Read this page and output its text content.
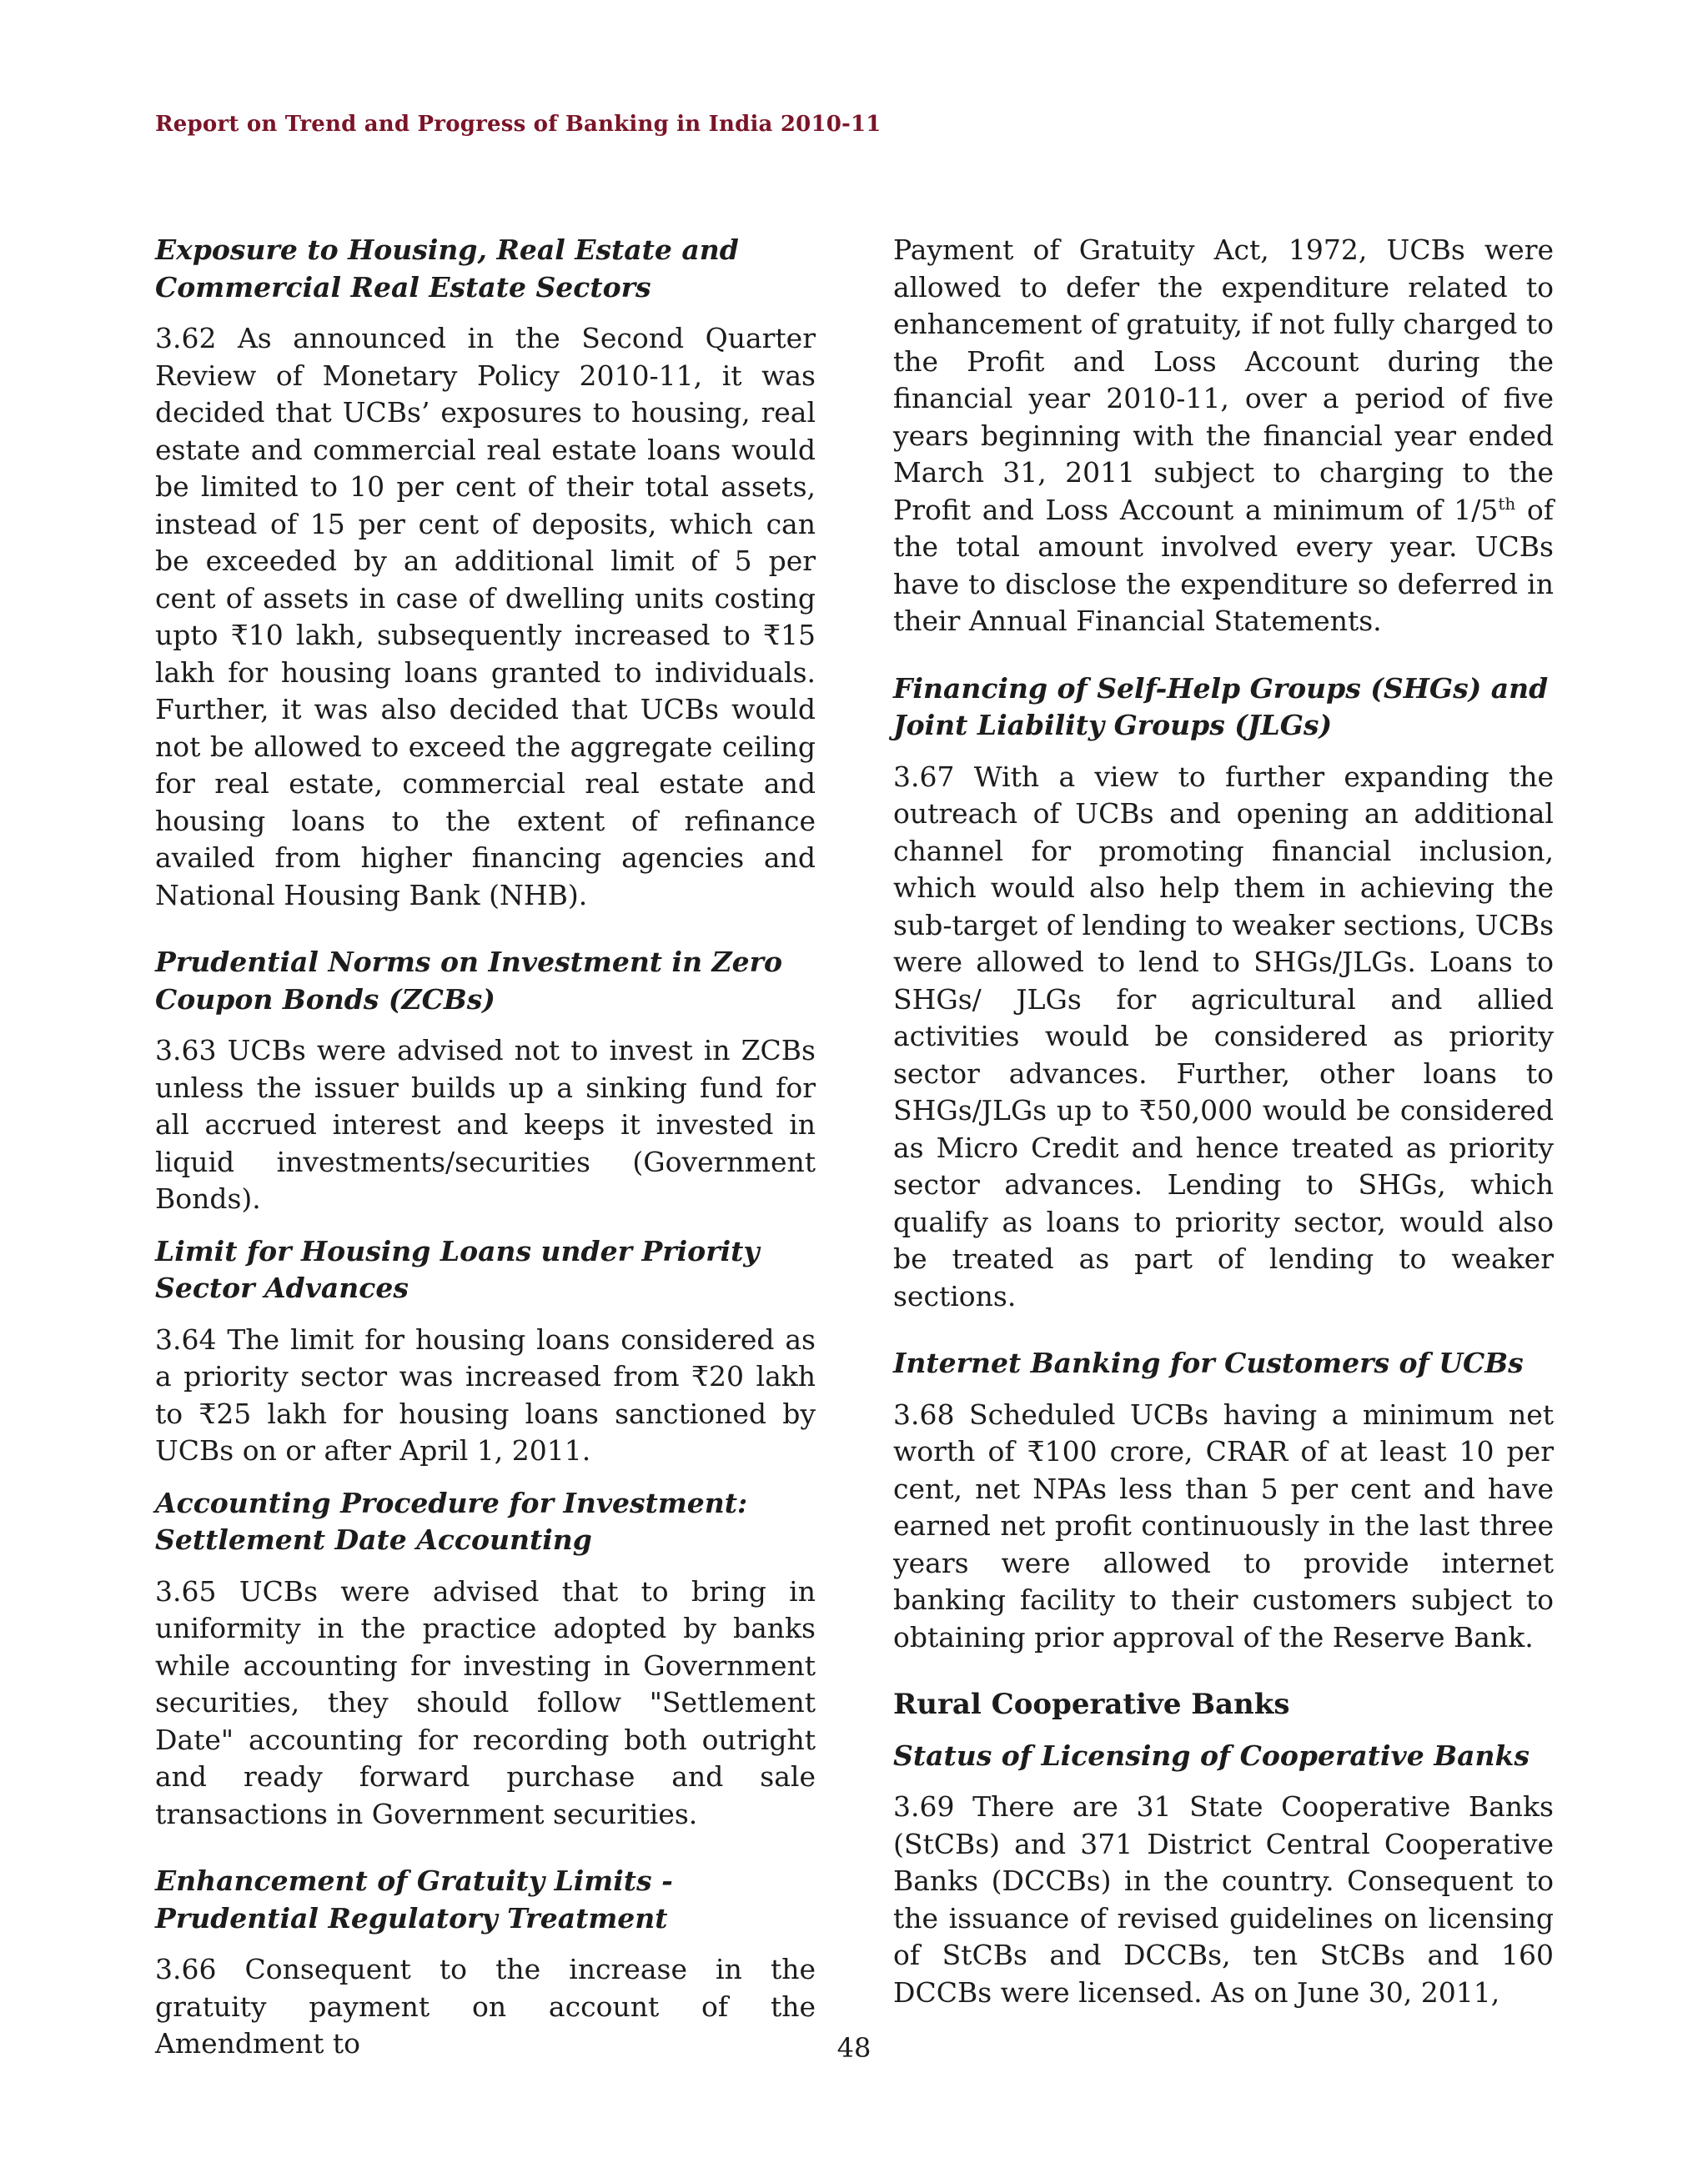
Report on Trend and Progress of Banking in India 2010-11
Exposure to Housing, Real Estate and Commercial Real Estate Sectors

3.62 As announced in the Second Quarter Review of Monetary Policy 2010-11, it was decided that UCBs’ exposures to housing, real estate and commercial real estate loans would be limited to 10 per cent of their total assets, instead of 15 per cent of deposits, which can be exceeded by an additional limit of 5 per cent of assets in case of dwelling units costing upto ₹10 lakh, subsequently increased to ₹15 lakh for housing loans granted to individuals. Further, it was also decided that UCBs would not be allowed to exceed the aggregate ceiling for real estate, commercial real estate and housing loans to the extent of refinance availed from higher financing agencies and National Housing Bank (NHB).

Prudential Norms on Investment in Zero Coupon Bonds (ZCBs)

3.63 UCBs were advised not to invest in ZCBs unless the issuer builds up a sinking fund for all accrued interest and keeps it invested in liquid investments/securities (Government Bonds).

Limit for Housing Loans under Priority Sector Advances

3.64 The limit for housing loans considered as a priority sector was increased from ₹20 lakh to ₹25 lakh for housing loans sanctioned by UCBs on or after April 1, 2011.

Accounting Procedure for Investment: Settlement Date Accounting

3.65 UCBs were advised that to bring in uniformity in the practice adopted by banks while accounting for investing in Government securities, they should follow "Settlement Date" accounting for recording both outright and ready forward purchase and sale transactions in Government securities.

Enhancement of Gratuity Limits - Prudential Regulatory Treatment

3.66 Consequent to the increase in the gratuity payment on account of the Amendment to

Payment of Gratuity Act, 1972, UCBs were allowed to defer the expenditure related to enhancement of gratuity, if not fully charged to the Profit and Loss Account during the financial year 2010-11, over a period of five years beginning with the financial year ended March 31, 2011 subject to charging to the Profit and Loss Account a minimum of 1/5th of the total amount involved every year. UCBs have to disclose the expenditure so deferred in their Annual Financial Statements.

Financing of Self-Help Groups (SHGs) and Joint Liability Groups (JLGs)

3.67 With a view to further expanding the outreach of UCBs and opening an additional channel for promoting financial inclusion, which would also help them in achieving the sub-target of lending to weaker sections, UCBs were allowed to lend to SHGs/JLGs. Loans to SHGs/ JLGs for agricultural and allied activities would be considered as priority sector advances. Further, other loans to SHGs/JLGs up to ₹50,000 would be considered as Micro Credit and hence treated as priority sector advances. Lending to SHGs, which qualify as loans to priority sector, would also be treated as part of lending to weaker sections.

Internet Banking for Customers of UCBs

3.68 Scheduled UCBs having a minimum net worth of ₹100 crore, CRAR of at least 10 per cent, net NPAs less than 5 per cent and have earned net profit continuously in the last three years were allowed to provide internet banking facility to their customers subject to obtaining prior approval of the Reserve Bank.

Rural Cooperative Banks
Status of Licensing of Cooperative Banks

3.69 There are 31 State Cooperative Banks (StCBs) and 371 District Central Cooperative Banks (DCCBs) in the country. Consequent to the issuance of revised guidelines on licensing of StCBs and DCCBs, ten StCBs and 160 DCCBs were licensed. As on June 30, 2011,

48
